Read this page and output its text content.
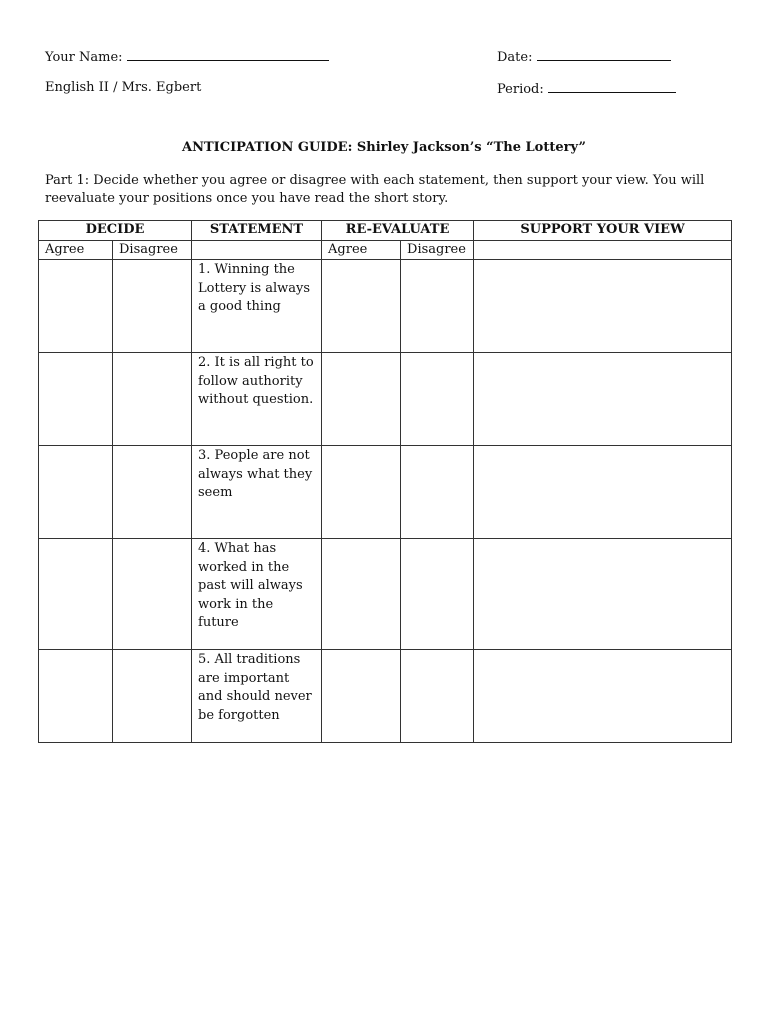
Your Name:	Date:
English II / Mrs. Egbert	Period:
ANTICIPATION GUIDE: Shirley Jackson’s “The Lottery”
Part 1: Decide whether you agree or disagree with each statement, then support your view. You will reevaluate your positions once you have read the short story.
DECIDE		STATEMENT	RE-EVALUATE		SUPPORT YOUR VIEW
Agree	Disagree		Agree	Disagree	
		1. Winning the Lottery is always a good thing			
		2. It is all right to follow authority without question.			
		3. People are not always what they seem			
		4. What has worked in the past will always work in the future			
		5. All traditions are important and should never be forgotten			
